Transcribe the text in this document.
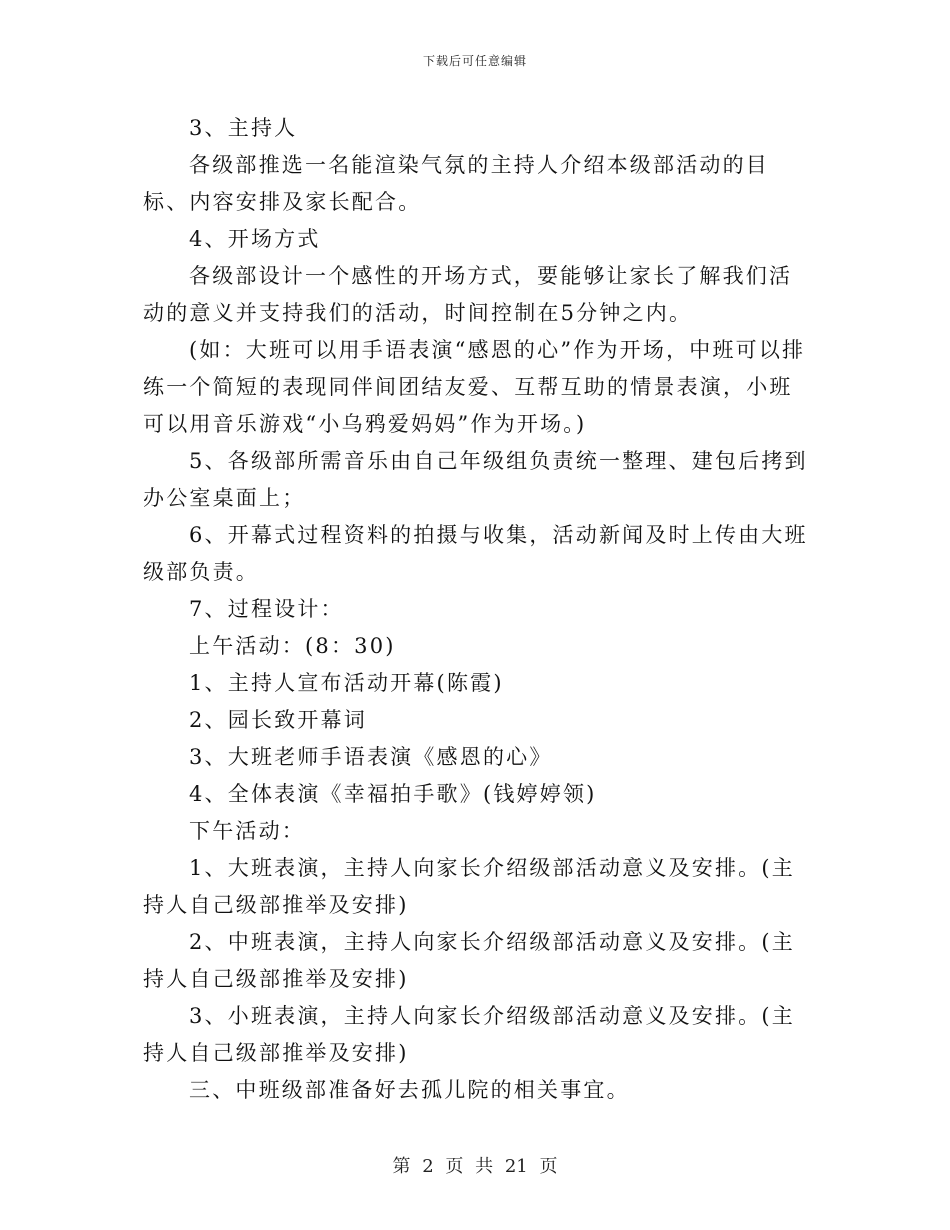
下载后可任意编辑

3、主持人

各级部推选一名能渲染气氛的主持人介绍本级部活动的目标、内容安排及家长配合。

4、开场方式

各级部设计一个感性的开场方式，要能够让家长了解我们活动的意义并支持我们的活动，时间控制在5分钟之内。

(如：大班可以用手语表演“感恩的心”作为开场，中班可以排练一个简短的表现同伴间团结友爱、互帮互助的情景表演，小班可以用音乐游戏“小乌鸦爱妈妈”作为开场。)

5、各级部所需音乐由自己年级组负责统一整理、建包后拷到办公室桌面上；

6、开幕式过程资料的拍摄与收集，活动新闻及时上传由大班级部负责。

7、过程设计：

上午活动：(8：30)

1、主持人宣布活动开幕(陈霞)

2、园长致开幕词

3、大班老师手语表演《感恩的心》

4、全体表演《幸福拍手歌》(钱婷婷领)

下午活动：

1、大班表演，主持人向家长介绍级部活动意义及安排。(主持人自己级部推举及安排)

2、中班表演，主持人向家长介绍级部活动意义及安排。(主持人自己级部推举及安排)

3、小班表演，主持人向家长介绍级部活动意义及安排。(主持人自己级部推举及安排)

三、中班级部准备好去孤儿院的相关事宜。

第 2 页 共 21 页
